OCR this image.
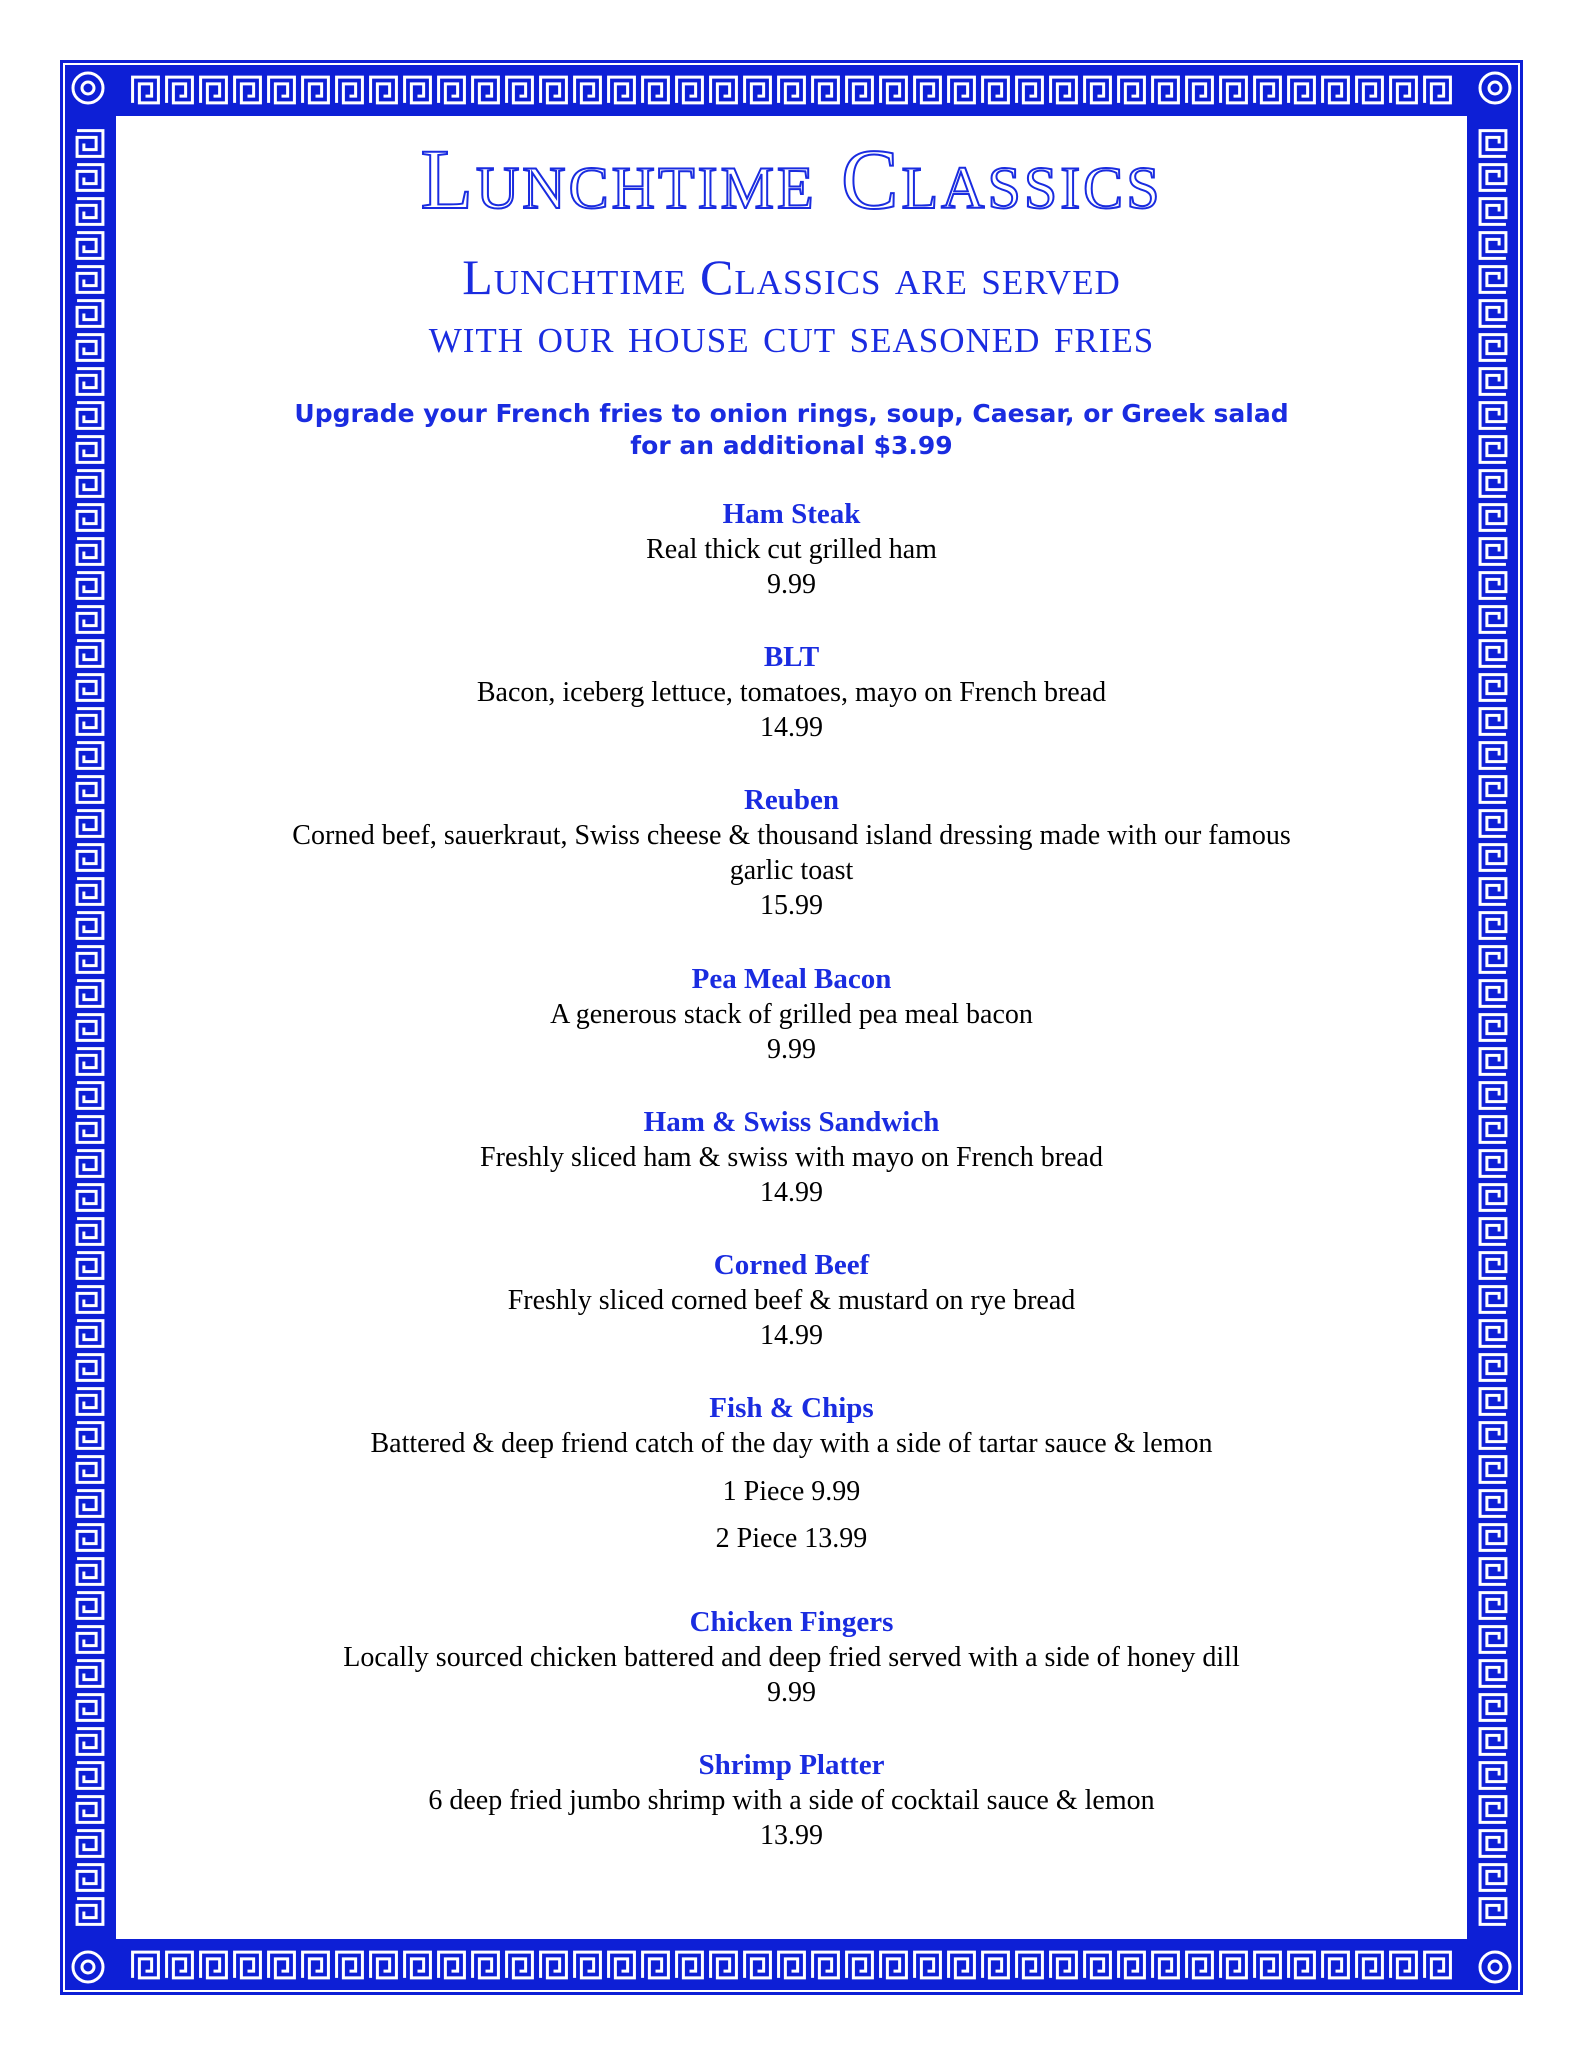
Lunchtime Classics
Lunchtime Classics are served
with our house cut seasoned fries
Upgrade your French fries to onion rings, soup, Caesar, or Greek salad
for an additional $3.99
Ham Steak
Real thick cut grilled ham
9.99
BLT
Bacon, iceberg lettuce, tomatoes, mayo on French bread
14.99
Reuben
Corned beef, sauerkraut, Swiss cheese & thousand island dressing made with our famous
garlic toast
15.99
Pea Meal Bacon
A generous stack of grilled pea meal bacon
9.99
Ham & Swiss Sandwich
Freshly sliced ham & swiss with mayo on French bread
14.99
Corned Beef
Freshly sliced corned beef & mustard on rye bread
14.99
Fish & Chips
Battered & deep friend catch of the day with a side of tartar sauce & lemon
1 Piece 9.99
2 Piece 13.99
Chicken Fingers
Locally sourced chicken battered and deep fried served with a side of honey dill
9.99
Shrimp Platter
6 deep fried jumbo shrimp with a side of cocktail sauce & lemon
13.99
